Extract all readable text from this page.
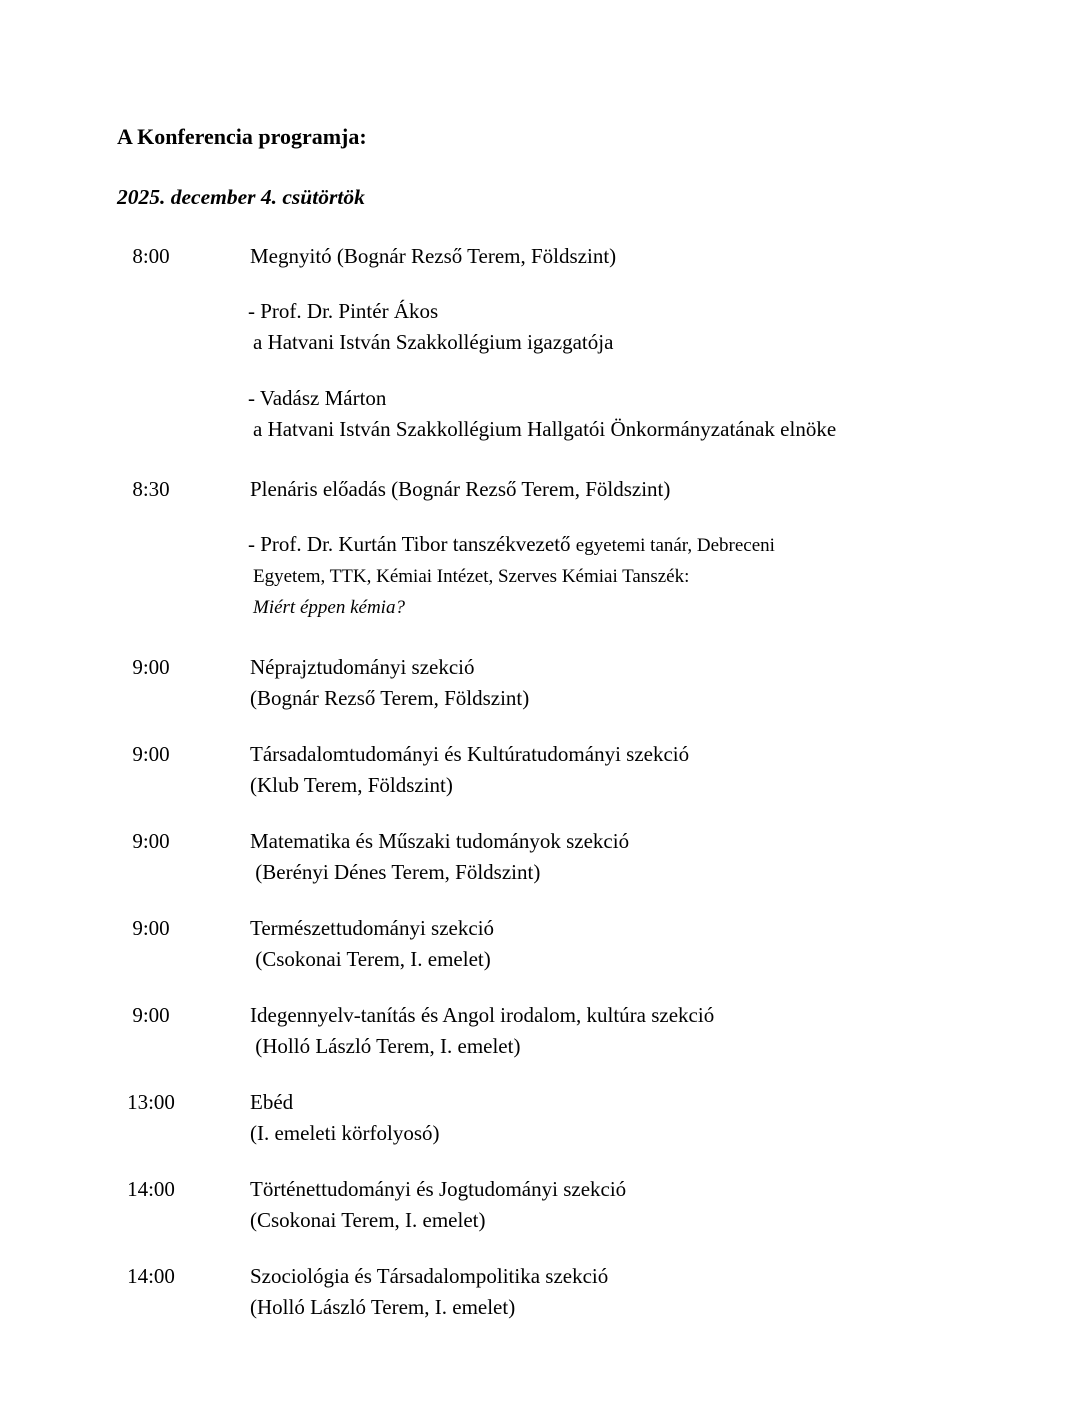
A Konferencia programja:

2025. december 4. csütörtök

8:00	Megnyitó (Bognár Rezső Terem, Földszint)

- Prof. Dr. Pintér Ákos

a Hatvani István Szakkollégium igazgatója

- Vadász Márton

a Hatvani István Szakkollégium Hallgatói Önkormányzatának elnöke

8:30	Plenáris előadás (Bognár Rezső Terem, Földszint)

- Prof. Dr. Kurtán Tibor tanszékvezető egyetemi tanár, Debreceni

Egyetem, TTK, Kémiai Intézet, Szerves Kémiai Tanszék:

Miért éppen kémia?

9:00	Néprajztudományi szekció

(Bognár Rezső Terem, Földszint)

9:00	Társadalomtudományi és Kultúratudományi szekció

(Klub Terem, Földszint)

9:00	Matematika és Műszaki tudományok szekció

(Berényi Dénes Terem, Földszint)

9:00	Természettudományi szekció

(Csokonai Terem, I. emelet)

9:00	Idegennyelv-tanítás és Angol irodalom, kultúra szekció

(Holló László Terem, I. emelet)

13:00	Ebéd

(I. emeleti körfolyosó)

14:00	Történettudományi és Jogtudományi szekció

(Csokonai Terem, I. emelet)

14:00	Szociológia és Társadalompolitika szekció

(Holló László Terem, I. emelet)
